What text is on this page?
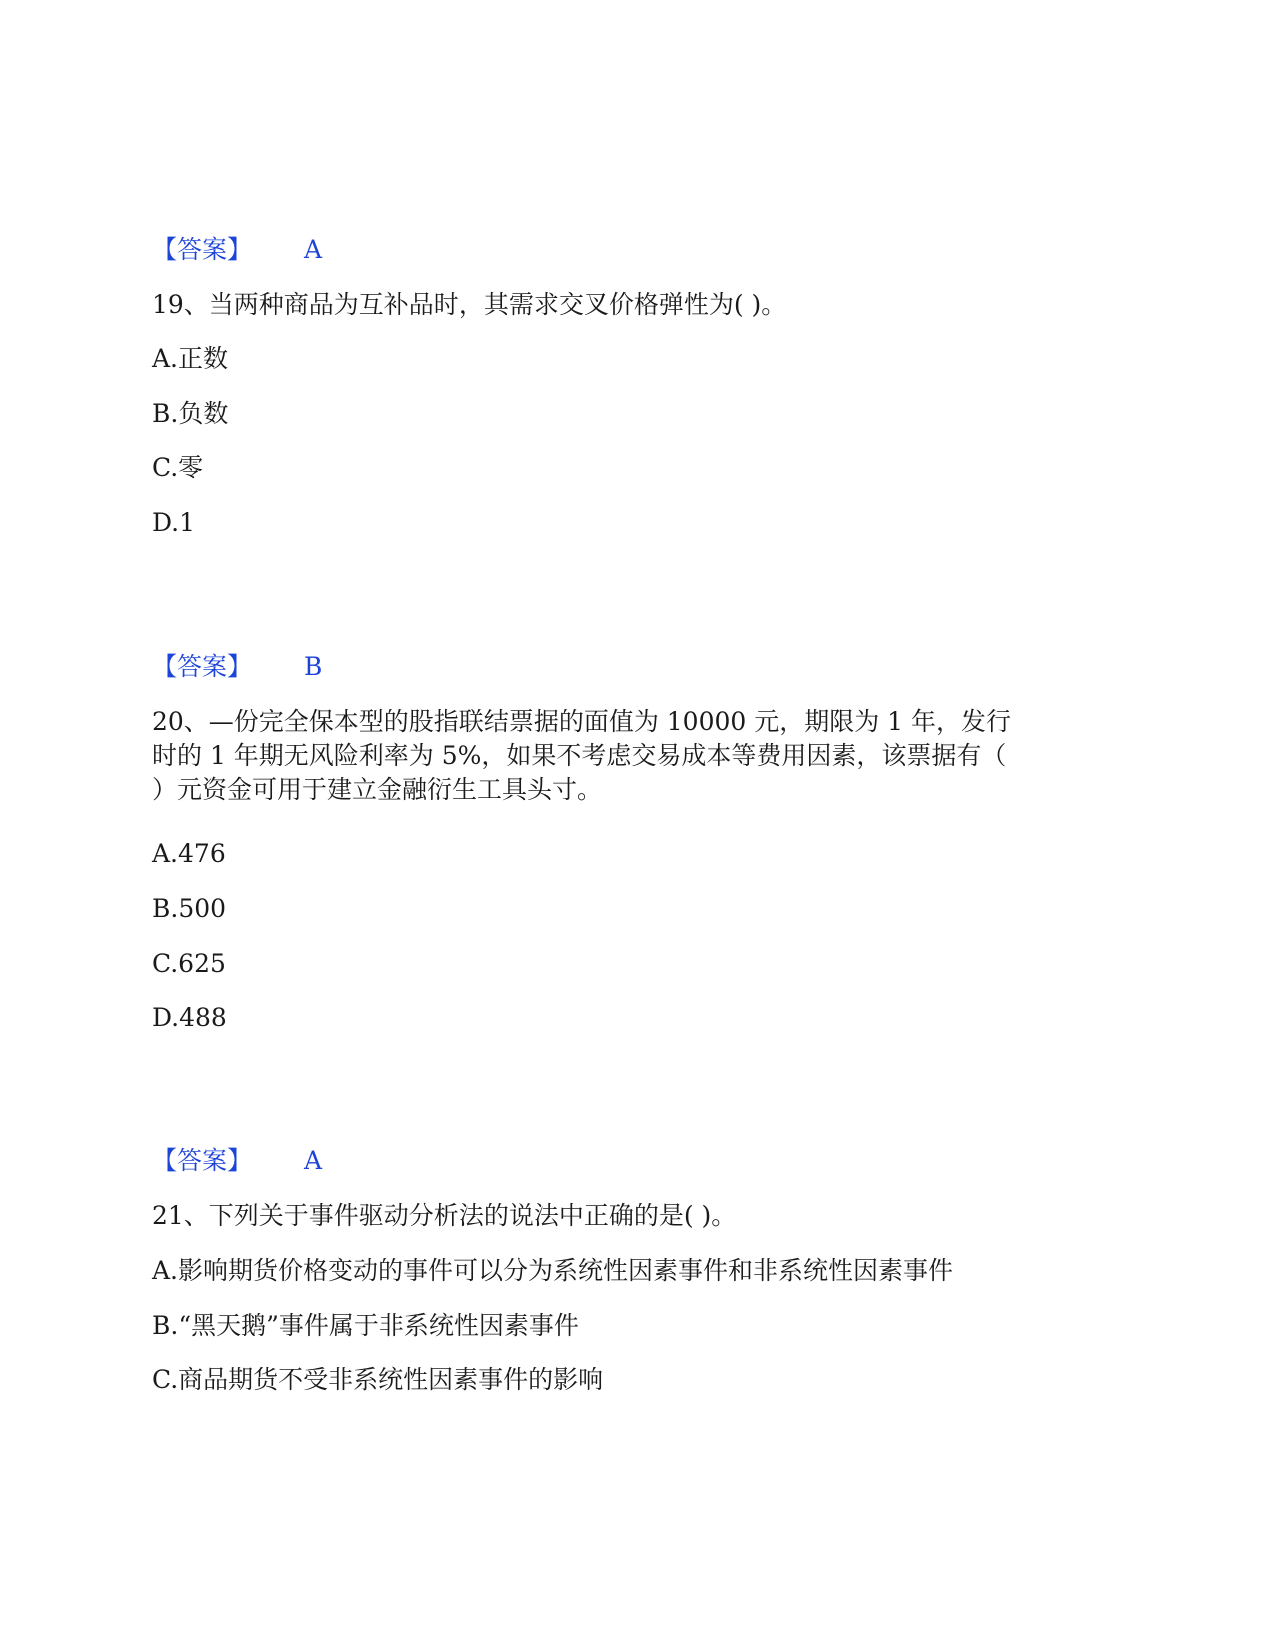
【答案】 A
19、当两种商品为互补品时，其需求交叉价格弹性为( )。
A.正数
B.负数
C.零
D.1
【答案】 B
20、—份完全保本型的股指联结票据的面值为 10000 元，期限为 1 年，发行
时的 1 年期无风险利率为 5%，如果不考虑交易成本等费用因素，该票据有（
）元资金可用于建立金融衍生工具头寸。
A.476
B.500
C.625
D.488
【答案】 A
21、下列关于事件驱动分析法的说法中正确的是( )。
A.影响期货价格变动的事件可以分为系统性因素事件和非系统性因素事件
B.“黑天鹅”事件属于非系统性因素事件
C.商品期货不受非系统性因素事件的影响
